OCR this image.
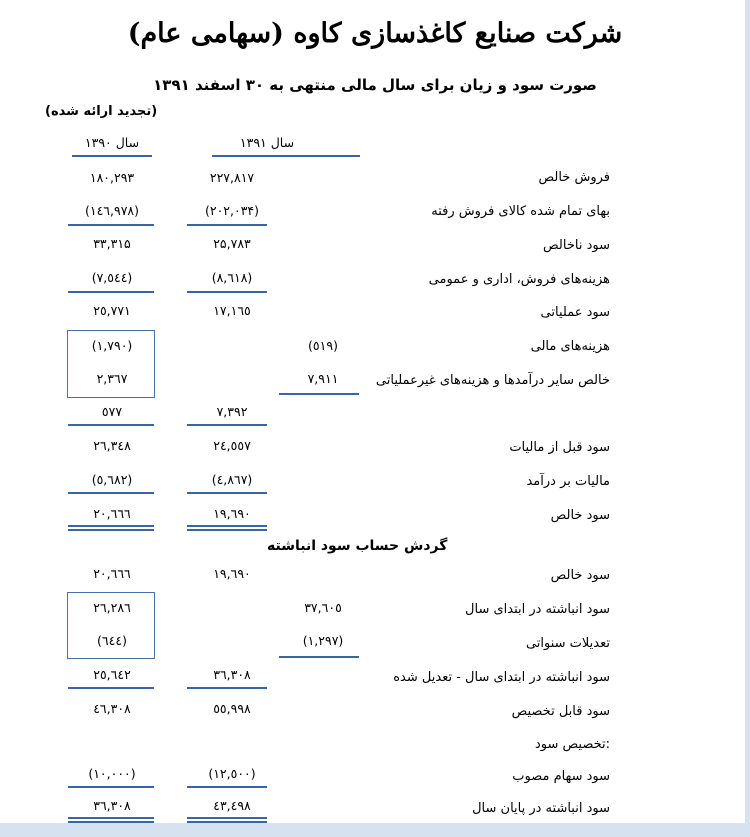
شرکت صنایع کاغذسازی کاوه (سهامی عام)
صورت سود و زیان برای سال مالی منتهی به ۳۰ اسفند ۱۳۹۱
(تجدید ارائه شده)
سال ۱۳۹۰	سال ۱۳۹۱
فروش خالص
۲۲۷,۸۱۷
۱۸۰,۲۹۳
بهای تمام شده کالای فروش رفته
(۲۰۲,۰۳۴)
(۱٤٦,۹۷۸)
سود ناخالص
۲۵,۷۸۳
۳۳,۳۱۵
هزینه‌های فروش، اداری و عمومی
(۸,٦۱۸)
(۷,٥٤٤)
سود عملیاتی
۱۷,۱٦٥
۲٥,۷۷۱
هزینه‌های مالی
(٥۱۹)
(۱,۷۹۰)
خالص سایر درآمدها و هزینه‌های غیرعملیاتی
۷,۹۱۱
۲,۳٦۷
۷,۳۹۲
٥۷۷
سود قبل از مالیات
۲٤,٥٥۷
۲٦,۳٤۸
مالیات بر درآمد
(٤,۸٦۷)
(٥,٦۸۲)
سود خالص
۱۹,٦۹۰
۲۰,٦٦٦
گردش حساب سود انباشته
سود خالص
۱۹,٦۹۰
۲۰,٦٦٦
سود انباشته در ابتدای سال
۳۷,٦۰٥
۲٦,۲۸٦
تعدیلات سنواتی
(۱,۲۹۷)
(٦٤٤)
سود انباشته در ابتدای سال - تعدیل شده
۳٦,۳۰۸
۲٥,٦٤۲
سود قابل تخصیص
٥٥,۹۹۸
٤٦,۳۰۸
تخصیص سود:
سود سهام مصوب
(۱۲,٥۰۰)
(۱۰,۰۰۰)
سود انباشته در پایان سال
٤۳,٤۹۸
۳٦,۳۰۸
